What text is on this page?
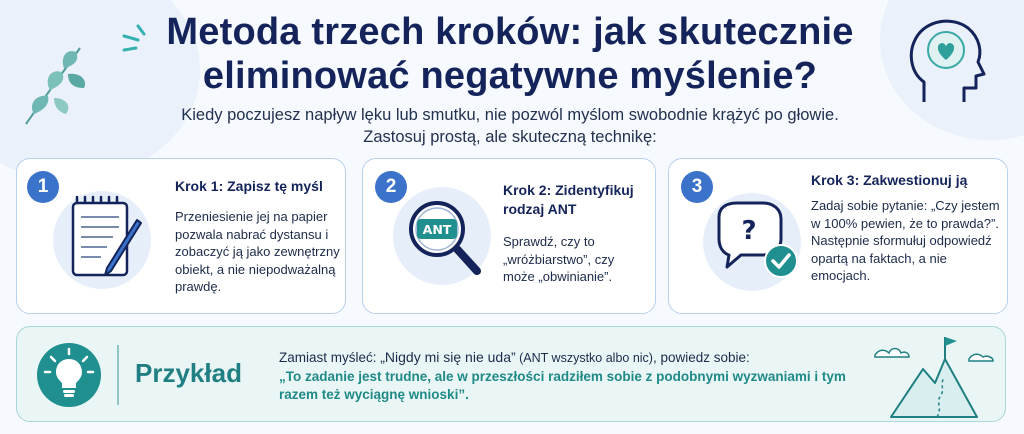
Metoda trzech kroków: jak skutecznie eliminować negatywne myślenie?

Kiedy poczujesz napływ lęku lub smutku, nie pozwól myślom swobodnie krążyć po głowie. Zastosuj prostą, ale skuteczną technikę:

1	Krok 1: Zapisz tę myśl
Przeniesienie jej na papier pozwala nabrać dystansu i zobaczyć ją jako zewnętrzny obiekt, a nie niepodważalną prawdę.
2
ANT
Krok 2: Zidentyfikuj rodzaj ANT
Sprawdź, czy to „wróżbiarstwo”, czy może „obwinianie”.
3
?
Krok 3: Zakwestionuj ją
Zadaj sobie pytanie: „Czy jestem w 100% pewien, że to prawda?”. Następnie sformułuj odpowiedź opartą na faktach, a nie emocjach.
Przykład
Zamiast myśleć: „Nigdy mi się nie uda” (ANT wszystko albo nic), powiedz sobie:
„To zadanie jest trudne, ale w przeszłości radziłem sobie z podobnymi wyzwaniami i tym razem też wyciągnę wnioski”.
